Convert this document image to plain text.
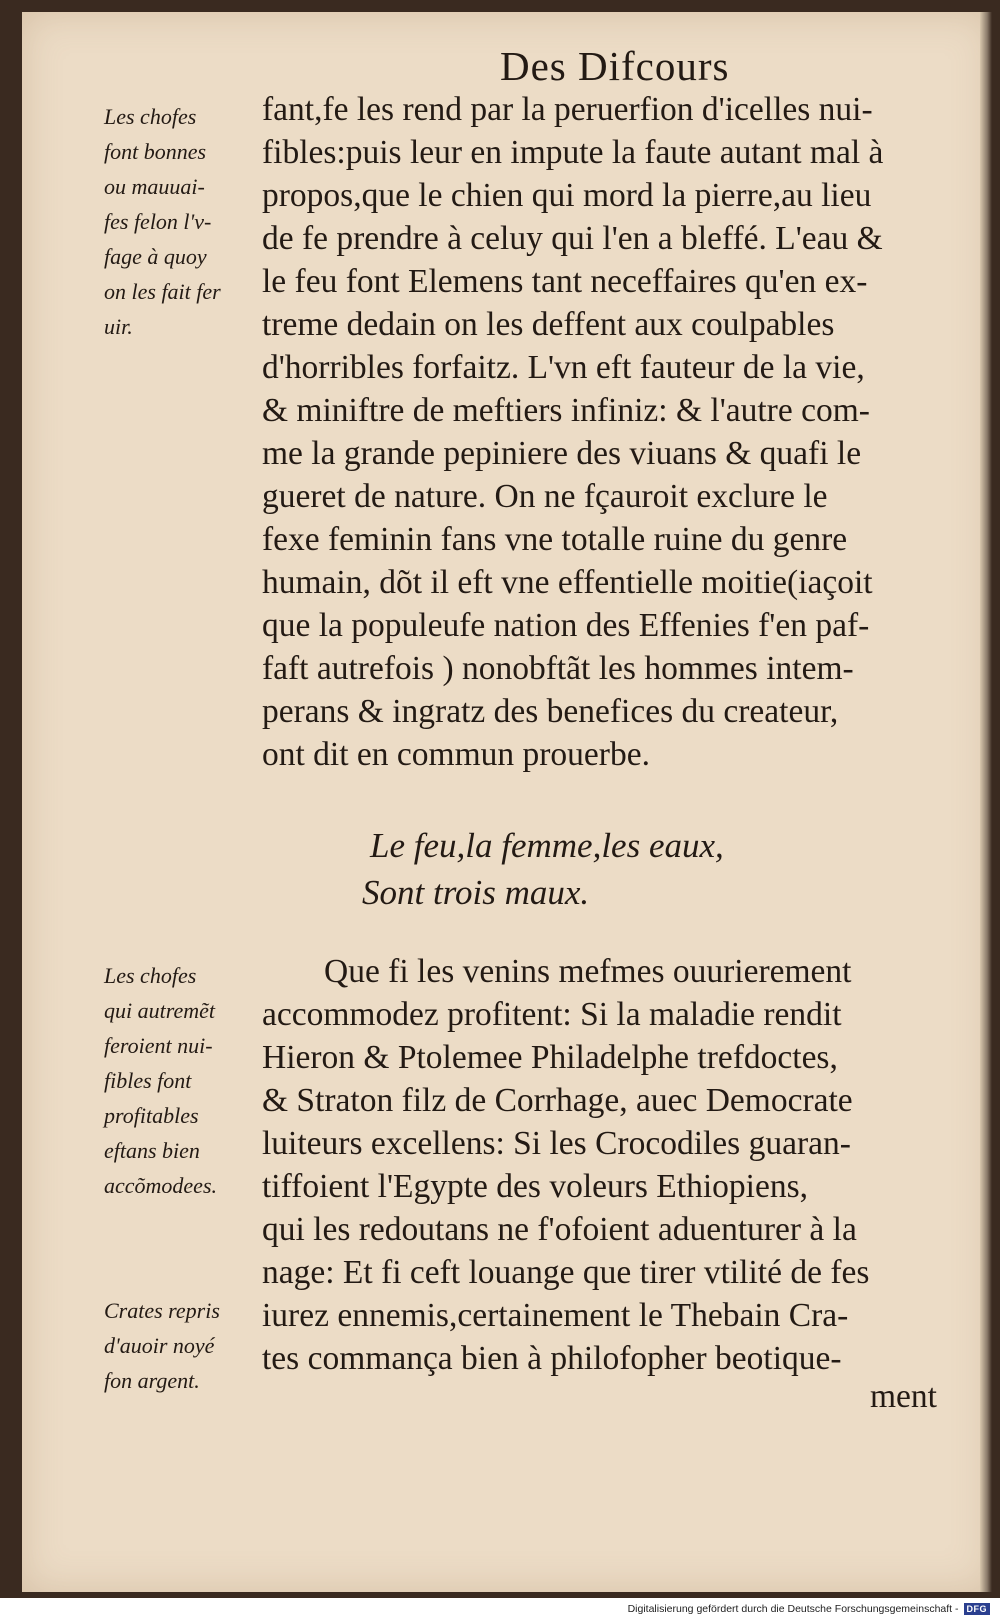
Des Difcours
Les chofes
font bonnes
ou mauuai-
fes felon l'v-
fage à quoy
on les fait fer
uir.
fant,fe les rend par la peruerfion d'icelles nui-
fibles:puis leur en impute la faute autant mal à
propos,que le chien qui mord la pierre,au lieu
de fe prendre à celuy qui l'en a bleffé. L'eau &
le feu font Elemens tant neceffaires qu'en ex-
treme dedain on les deffent aux coulpables
d'horribles forfaitz. L'vn eft fauteur de la vie,
& miniftre de meftiers infiniz: & l'autre com-
me la grande pepiniere des viuans & quafi le
gueret de nature. On ne fçauroit exclure le
fexe feminin fans vne totalle ruine du genre
humain, dõt il eft vne effentielle moitie(iaçoit
que la populeufe nation des Effenies f'en paf-
faft autrefois ) nonobftãt les hommes intem-
perans & ingratz des benefices du createur,
ont dit en commun prouerbe.
Le feu,la femme,les eaux,
Sont trois maux.
Les chofes
qui autremẽt
feroient nui-
fibles font
profitables
eftans bien
accõmodees.
Que fi les venins mefmes ouurierement
accommodez profitent: Si la maladie rendit
Hieron & Ptolemee Philadelphe trefdoctes,
& Straton filz de Corrhage, auec Democrate
luiteurs excellens: Si les Crocodiles guaran-
tiffoient l'Egypte des voleurs Ethiopiens,
qui les redoutans ne f'ofoient aduenturer à la
nage: Et fi ceft louange que tirer vtilité de fes
iurez ennemis,certainement le Thebain Cra-
tes commança bien à philofopher beotique-
Crates repris
d'auoir noyé
fon argent.	ment
Digitalisierung gefördert durch die Deutsche Forschungsgemeinschaft - DFG
